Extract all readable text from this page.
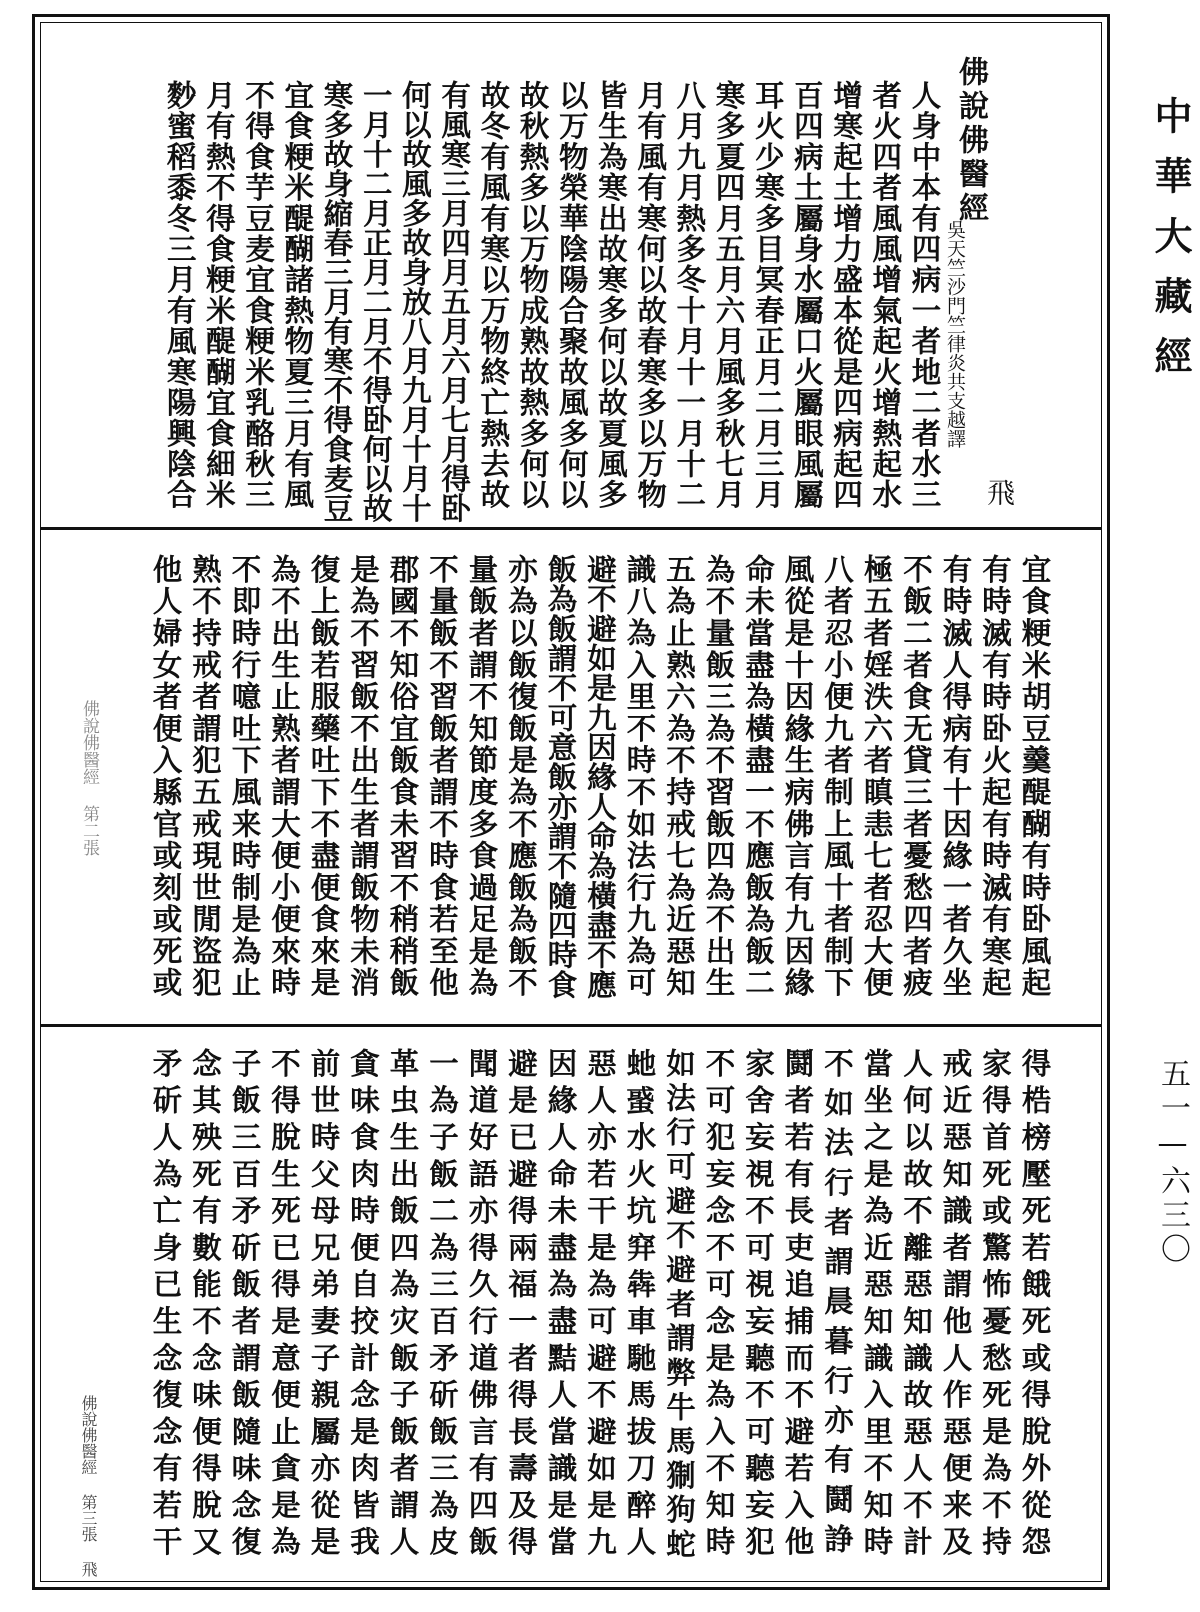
中華大藏經
五一—六三〇
佛說佛醫經
吳天竺沙門竺律炎共支越譯
飛
人身中本有四病一者地二者水三
者火四者風風增氣起火增熱起水
增寒起土增力盛本從是四病起四
百四病土屬身水屬口火屬眼風屬
耳火少寒多目冥春正月二月三月
寒多夏四月五月六月風多秋七月
八月九月熱多冬十月十一月十二
月有風有寒何以故春寒多以万物
皆生為寒出故寒多何以故夏風多
以万物榮華陰陽合聚故風多何以
故秋熱多以万物成熟故熱多何以
故冬有風有寒以万物終亡熱去故
有風寒三月四月五月六月七月得卧
何以故風多故身放八月九月十月十
一月十二月正月二月不得卧何以故
寒多故身縮春三月有寒不得食麦豆
宜食粳米醍醐諸熱物夏三月有風
不得食芋豆麦宜食粳米乳酪秋三
月有熱不得食粳米醍醐宜食細米
麨蜜稻黍冬三月有風寒陽興陰合
佛說佛醫經 第二張	宜食粳米胡豆羹醍醐有時卧風起
有時滅有時卧火起有時滅有寒起
有時滅人得病有十因緣一者久坐
不飯二者食无貸三者憂愁四者疲
極五者婬泆六者瞋恚七者忍大便
八者忍小便九者制上風十者制下
風從是十因緣生病佛言有九因緣
命未當盡為橫盡一不應飯為飯二
為不量飯三為不習飯四為不出生
五為止熟六為不持戒七為近惡知
識八為入里不時不如法行九為可
避不避如是九因緣人命為橫盡不應
飯為飯謂不可意飯亦謂不隨四時食
亦為以飯復飯是為不應飯為飯不
量飯者謂不知節度多食過足是為
不量飯不習飯者謂不時食若至他
郡國不知俗宜飯食未習不稍稍飯
是為不習飯不出生者謂飯物未消
復上飯若服藥吐下不盡便食來是
為不出生止熟者謂大便小便來時
不即時行噫吐下風来時制是為止
熟不持戒者謂犯五戒現世閒盜犯
他人婦女者便入縣官或刻或死或
佛說佛醫經 第三張 飛	得梏榜壓死若餓死或得脫外從怨
家得首死或驚怖憂愁死是為不持
戒近惡知識者謂他人作惡便来及
人何以故不離惡知識故惡人不計
當坐之是為近惡知識入里不知時
不如法行者謂晨暮行亦有鬪諍
鬪者若有長吏追捕而不避若入他
家舍妄視不可視妄聽不可聽妄犯
不可犯妄念不可念是為入不知時
如法行可避不避者謂弊牛馬猘狗蛇
虵𧌒水火坑穽犇車馳馬拔刀醉人
惡人亦若干是為可避不避如是九
因緣人命未盡為盡黠人當識是當
避是已避得兩福一者得長壽及得
聞道好語亦得久行道佛言有四飯
一為子飯二為三百矛斫飯三為皮
革虫生出飯四為灾飯子飯者謂人
貪味食肉時便自挍計念是肉皆我
前世時父母兄弟妻子親屬亦從是
不得脫生死已得是意便止貪是為
子飯三百矛斫飯者謂飯隨味念復
念其殃死有數能不念味便得脫又
矛斫人為亡身已生念復念有若干
